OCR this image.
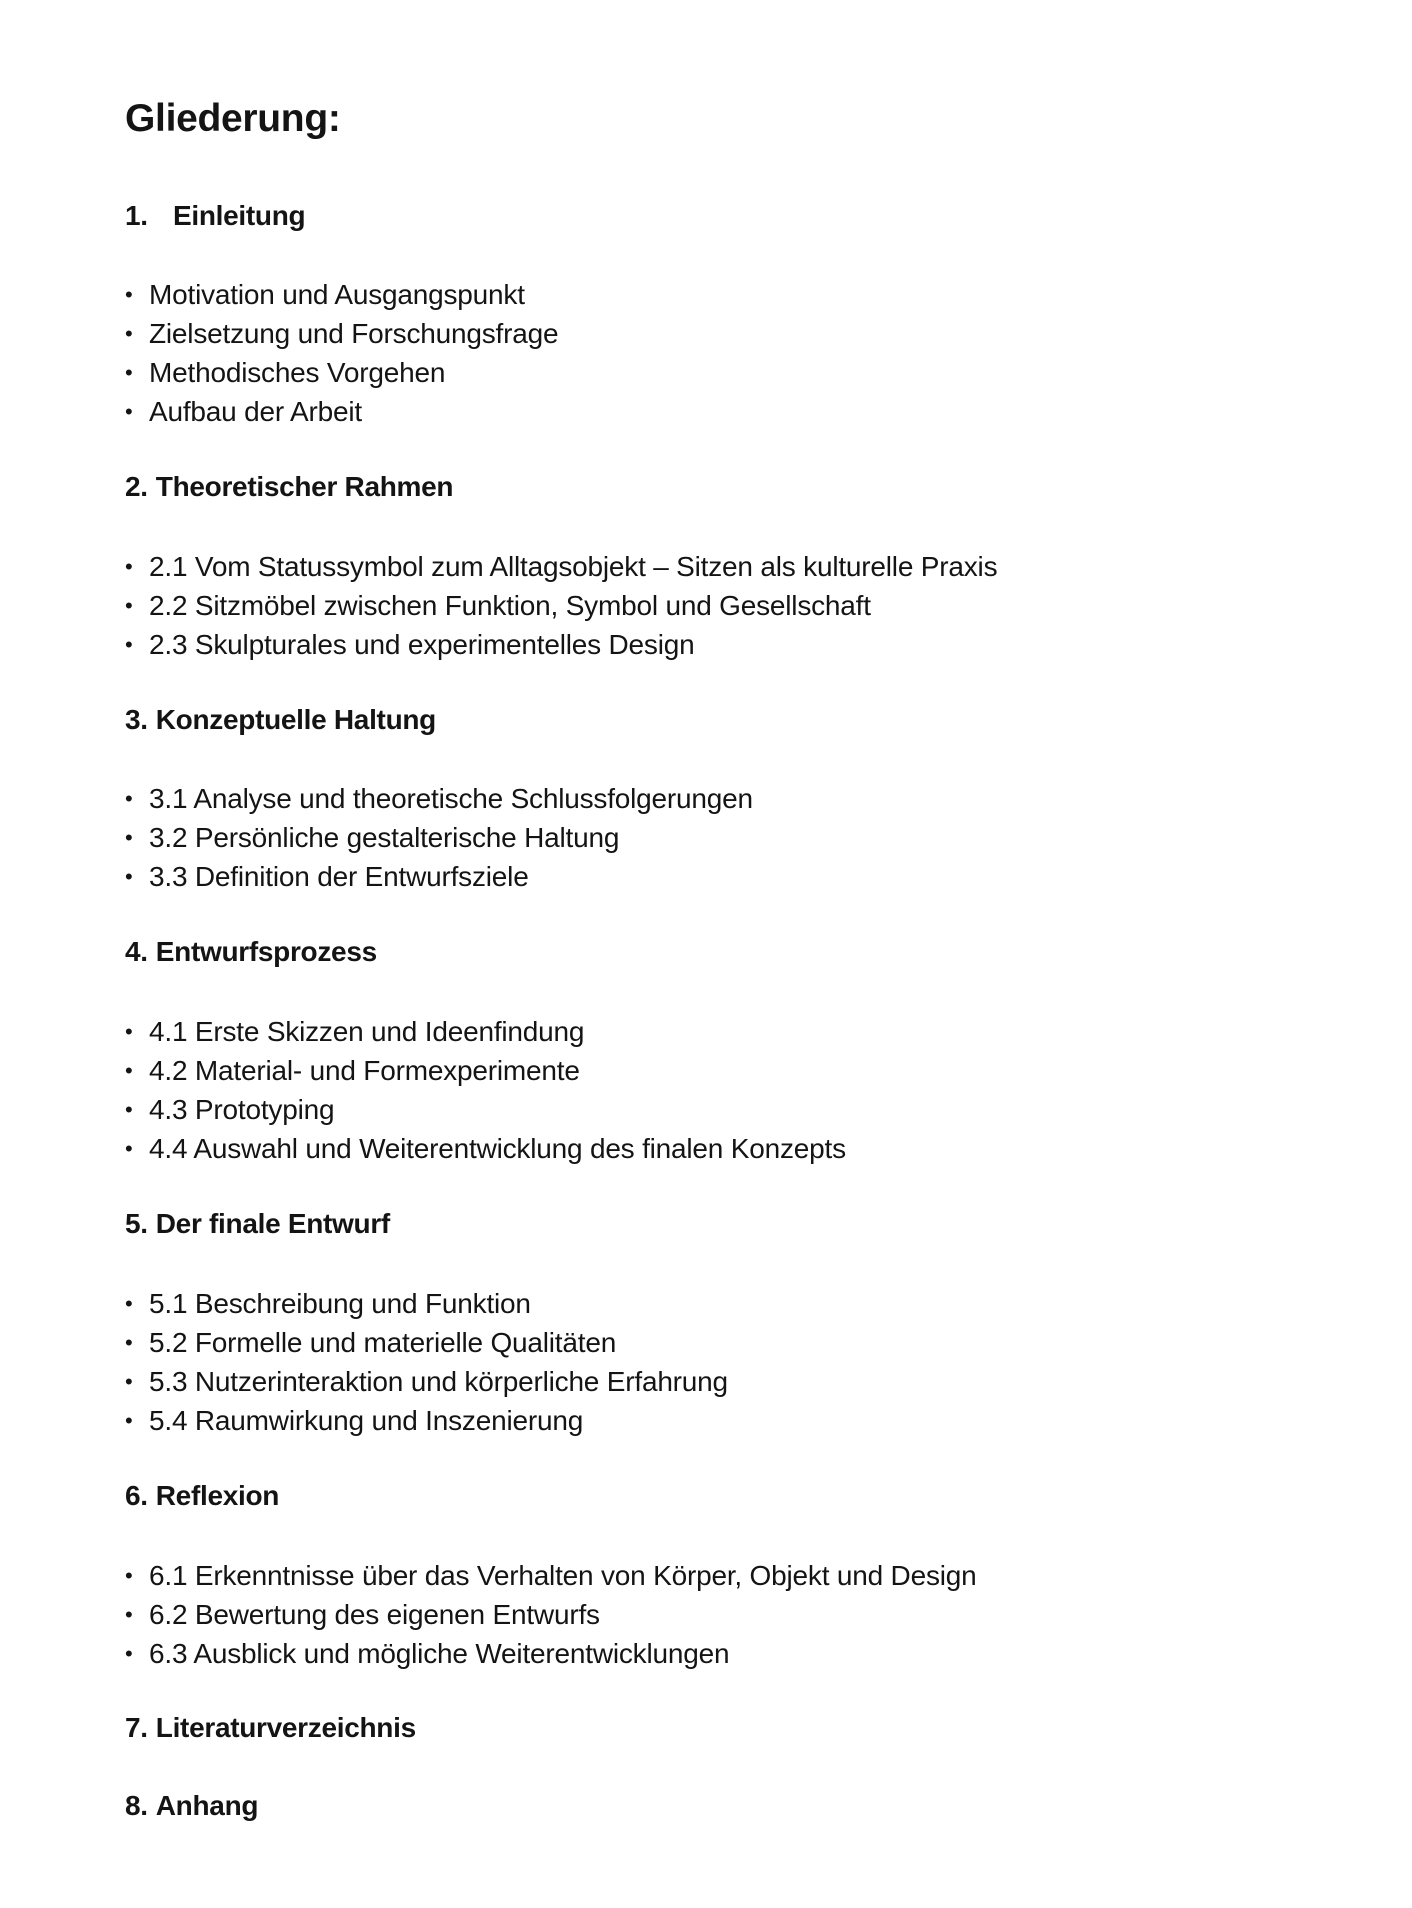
Gliederung:
1. Einleitung
• Motivation und Ausgangspunkt
• Zielsetzung und Forschungsfrage
• Methodisches Vorgehen
• Aufbau der Arbeit
2. Theoretischer Rahmen
• 2.1 Vom Statussymbol zum Alltagsobjekt – Sitzen als kulturelle Praxis
• 2.2 Sitzmöbel zwischen Funktion, Symbol und Gesellschaft
• 2.3 Skulpturales und experimentelles Design
3. Konzeptuelle Haltung
• 3.1 Analyse und theoretische Schlussfolgerungen
• 3.2 Persönliche gestalterische Haltung
• 3.3 Definition der Entwurfsziele
4. Entwurfsprozess
• 4.1 Erste Skizzen und Ideenfindung
• 4.2 Material- und Formexperimente
• 4.3 Prototyping
• 4.4 Auswahl und Weiterentwicklung des finalen Konzepts
5. Der finale Entwurf
• 5.1 Beschreibung und Funktion
• 5.2 Formelle und materielle Qualitäten
• 5.3 Nutzerinteraktion und körperliche Erfahrung
• 5.4 Raumwirkung und Inszenierung
6. Reflexion
• 6.1 Erkenntnisse über das Verhalten von Körper, Objekt und Design
• 6.2 Bewertung des eigenen Entwurfs
• 6.3 Ausblick und mögliche Weiterentwicklungen
7. Literaturverzeichnis
8. Anhang
